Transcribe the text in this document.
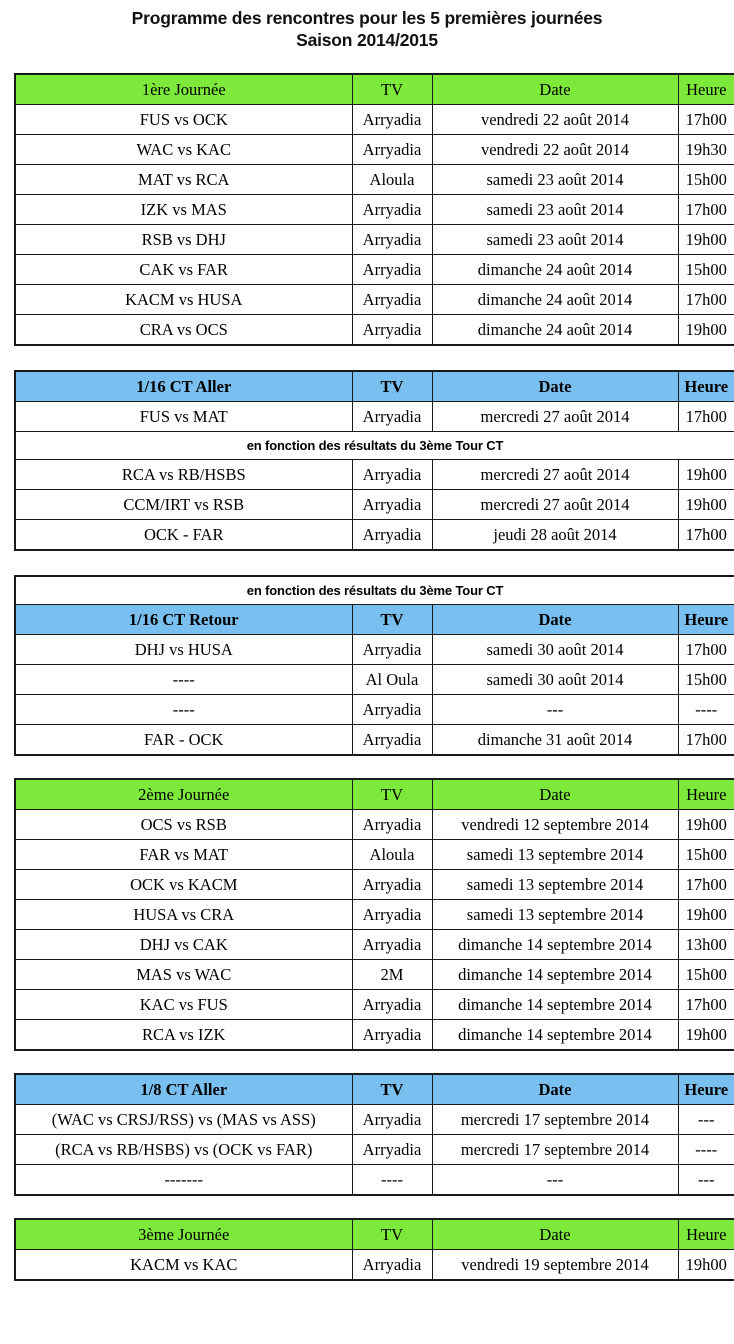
Programme des rencontres pour les 5 premières journées
Saison 2014/2015
1ère Journée	TV	Date	Heure
FUS vs OCK	Arryadia	vendredi 22 août 2014	17h00
WAC vs KAC	Arryadia	vendredi 22 août 2014	19h30
MAT vs RCA	Aloula	samedi 23 août 2014	15h00
IZK vs MAS	Arryadia	samedi 23 août 2014	17h00
RSB vs DHJ	Arryadia	samedi 23 août 2014	19h00
CAK vs FAR	Arryadia	dimanche 24 août 2014	15h00
KACM vs HUSA	Arryadia	dimanche 24 août 2014	17h00
CRA vs OCS	Arryadia	dimanche 24 août 2014	19h00
1/16 CT Aller	TV	Date	Heure
FUS vs MAT	Arryadia	mercredi 27 août 2014	17h00
en fonction des résultats du 3ème Tour CT			
RCA vs RB/HSBS	Arryadia	mercredi 27 août 2014	19h00
CCM/IRT vs RSB	Arryadia	mercredi 27 août 2014	19h00
OCK - FAR	Arryadia	jeudi 28 août 2014	17h00
en fonction des résultats du 3ème Tour CT			
1/16 CT Retour	TV	Date	Heure
DHJ vs HUSA	Arryadia	samedi 30 août 2014	17h00
----	Al Oula	samedi 30 août 2014	15h00
----	Arryadia	---	----
FAR - OCK	Arryadia	dimanche 31 août 2014	17h00
2ème Journée	TV	Date	Heure
OCS vs RSB	Arryadia	vendredi 12 septembre 2014	19h00
FAR vs MAT	Aloula	samedi 13 septembre 2014	15h00
OCK vs KACM	Arryadia	samedi 13 septembre 2014	17h00
HUSA vs CRA	Arryadia	samedi 13 septembre 2014	19h00
DHJ vs CAK	Arryadia	dimanche 14 septembre 2014	13h00
MAS vs WAC	2M	dimanche 14 septembre 2014	15h00
KAC vs FUS	Arryadia	dimanche 14 septembre 2014	17h00
RCA vs IZK	Arryadia	dimanche 14 septembre 2014	19h00
1/8 CT Aller	TV	Date	Heure
(WAC vs CRSJ/RSS) vs (MAS vs ASS)	Arryadia	mercredi 17 septembre 2014	---
(RCA vs RB/HSBS) vs (OCK vs FAR)	Arryadia	mercredi 17 septembre 2014	----
-------	----	---	---
3ème Journée	TV	Date	Heure
KACM vs KAC	Arryadia	vendredi 19 septembre 2014	19h00
